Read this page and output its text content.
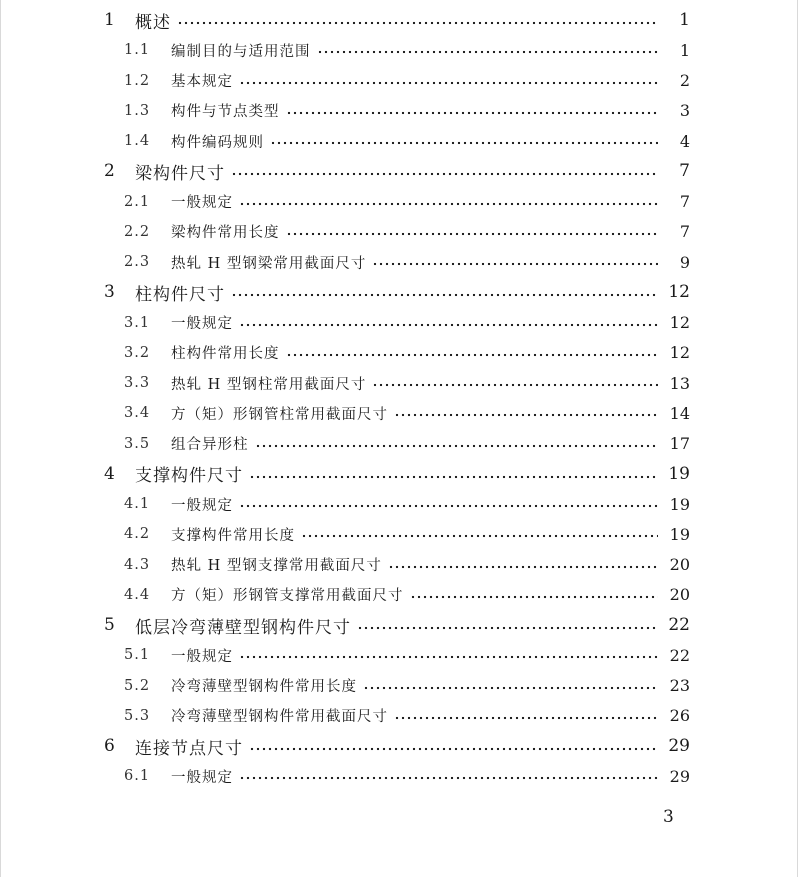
1	概述	1
1.1	编制目的与适用范围	1
1.2	基本规定	2
1.3	构件与节点类型	3
1.4	构件编码规则	4
2	梁构件尺寸	7
2.1	一般规定	7
2.2	梁构件常用长度	7
2.3	热轧 H 型钢梁常用截面尺寸	9
3	柱构件尺寸	12
3.1	一般规定	12
3.2	柱构件常用长度	12
3.3	热轧 H 型钢柱常用截面尺寸	13
3.4	方（矩）形钢管柱常用截面尺寸	14
3.5	组合异形柱	17
4	支撑构件尺寸	19
4.1	一般规定	19
4.2	支撑构件常用长度	19
4.3	热轧 H 型钢支撑常用截面尺寸	20
4.4	方（矩）形钢管支撑常用截面尺寸	20
5	低层冷弯薄壁型钢构件尺寸	22
5.1	一般规定	22
5.2	冷弯薄壁型钢构件常用长度	23
5.3	冷弯薄壁型钢构件常用截面尺寸	26
6	连接节点尺寸	29
6.1	一般规定	29
3
